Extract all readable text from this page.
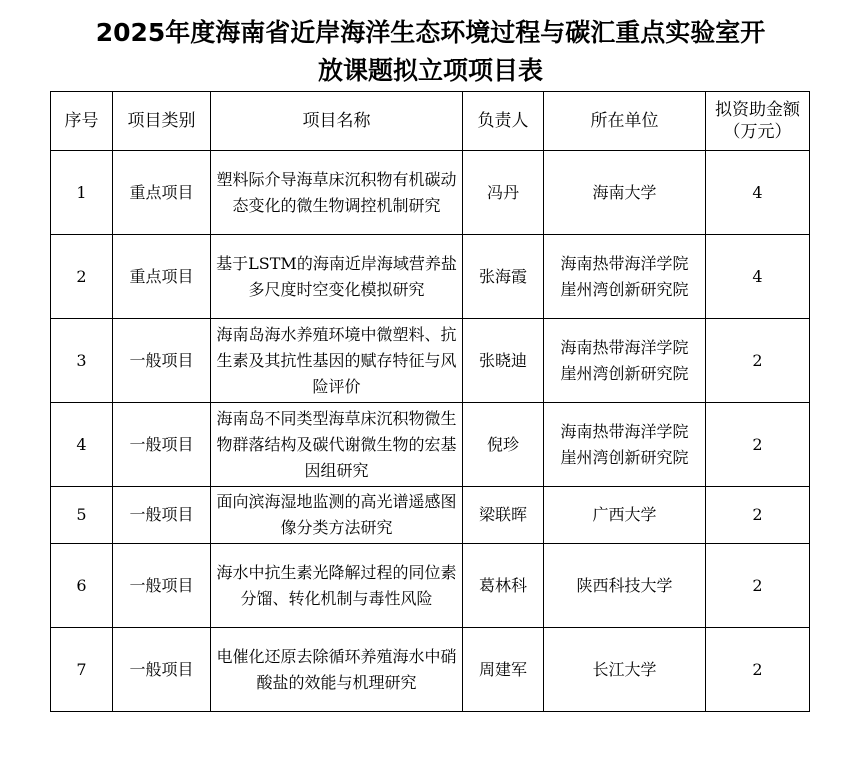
2025年度海南省近岸海洋生态环境过程与碳汇重点实验室开
放课题拟立项项目表
序号	项目类别	项目名称	负责人	所在单位	拟资助金额
（万元）

1	重点项目	塑料际介导海草床沉积物有机碳动态变化的微生物调控机制研究	冯丹	海南大学	4
2	重点项目	基于LSTM的海南近岸海域营养盐多尺度时空变化模拟研究	张海霞	海南热带海洋学院
崖州湾创新研究院	4
3	一般项目	海南岛海水养殖环境中微塑料、抗生素及其抗性基因的赋存特征与风险评价	张晓迪	海南热带海洋学院
崖州湾创新研究院	2
4	一般项目	海南岛不同类型海草床沉积物微生物群落结构及碳代谢微生物的宏基因组研究	倪珍	海南热带海洋学院
崖州湾创新研究院	2
5	一般项目	面向滨海湿地监测的高光谱遥感图像分类方法研究	梁联晖	广西大学	2
6	一般项目	海水中抗生素光降解过程的同位素分馏、转化机制与毒性风险	葛林科	陕西科技大学	2
7	一般项目	电催化还原去除循环养殖海水中硝酸盐的效能与机理研究	周建军	长江大学	2
